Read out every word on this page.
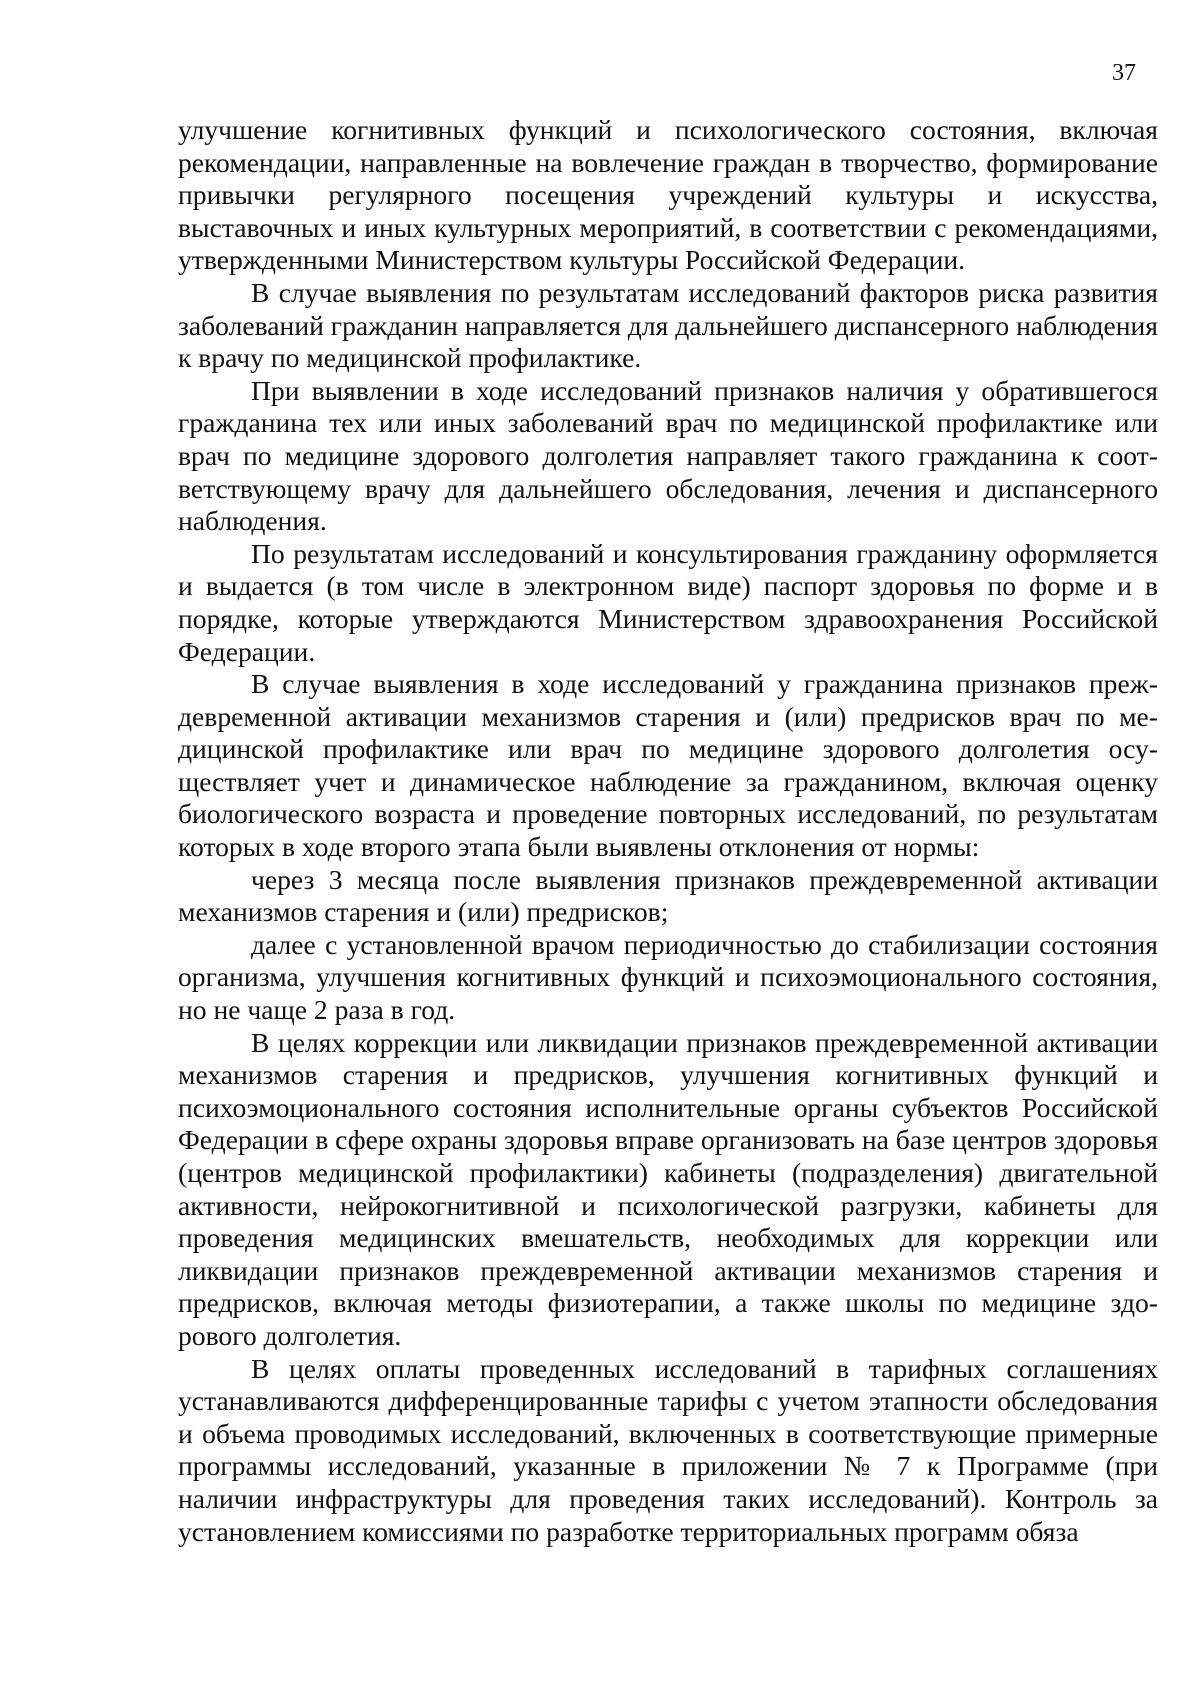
37

улучшение когнитивных функций и психологического состояния, включая рекомендации, направленные на вовлечение граждан в творчество, формирование привычки регулярного посещения учреждений культуры и искусства, выставочных и иных культурных мероприятий, в соответствии с рекомендациями, утвержденными Министерством культуры Российской Федерации.

В случае выявления по результатам исследований факторов риска развития заболеваний гражданин направляется для дальнейшего диспансерного наблюдения к врачу по медицинской профилактике.

При выявлении в ходе исследований признаков наличия у обратившегося гражданина тех или иных заболеваний врач по медицинской профилактике или врач по медицине здорового долголетия направляет такого гражданина к соответствующему врачу для дальнейшего обследования, лечения и диспансерного наблюдения.

По результатам исследований и консультирования гражданину оформляется и выдается (в том числе в электронном виде) паспорт здоровья по форме и в порядке, которые утверждаются Министерством здравоохранения Российской Федерации.

В случае выявления в ходе исследований у гражданина признаков преждевременной активации механизмов старения и (или) предрисков врач по медицинской профилактике или врач по медицине здорового долголетия осуществляет учет и динамическое наблюдение за гражданином, включая оценку биологического возраста и проведение повторных исследований, по результатам которых в ходе второго этапа были выявлены отклонения от нормы:

через 3 месяца после выявления признаков преждевременной активации механизмов старения и (или) предрисков;

далее с установленной врачом периодичностью до стабилизации состояния организма, улучшения когнитивных функций и психоэмоционального состояния, но не чаще 2 раза в год.

В целях коррекции или ликвидации признаков преждевременной активации механизмов старения и предрисков, улучшения когнитивных функций и психоэмоционального состояния исполнительные органы субъектов Российской Федерации в сфере охраны здоровья вправе организовать на базе центров здоровья (центров медицинской профилактики) кабинеты (подразделения) двигательной активности, нейрокогнитивной и психологической разгрузки, кабинеты для проведения медицинских вмешательств, необходимых для коррекции или ликвидации признаков преждевременной активации механизмов старения и предрисков, включая методы физиотерапии, а также школы по медицине здорового долголетия.

В целях оплаты проведенных исследований в тарифных соглашениях устанавливаются дифференцированные тарифы с учетом этапности обследования и объема проводимых исследований, включенных в соответствующие примерные программы исследований, указанные в приложении № 7 к Программе (при наличии инфраструктуры для проведения таких исследований). Контроль за установлением комиссиями по разработке территориальных программ обяза
